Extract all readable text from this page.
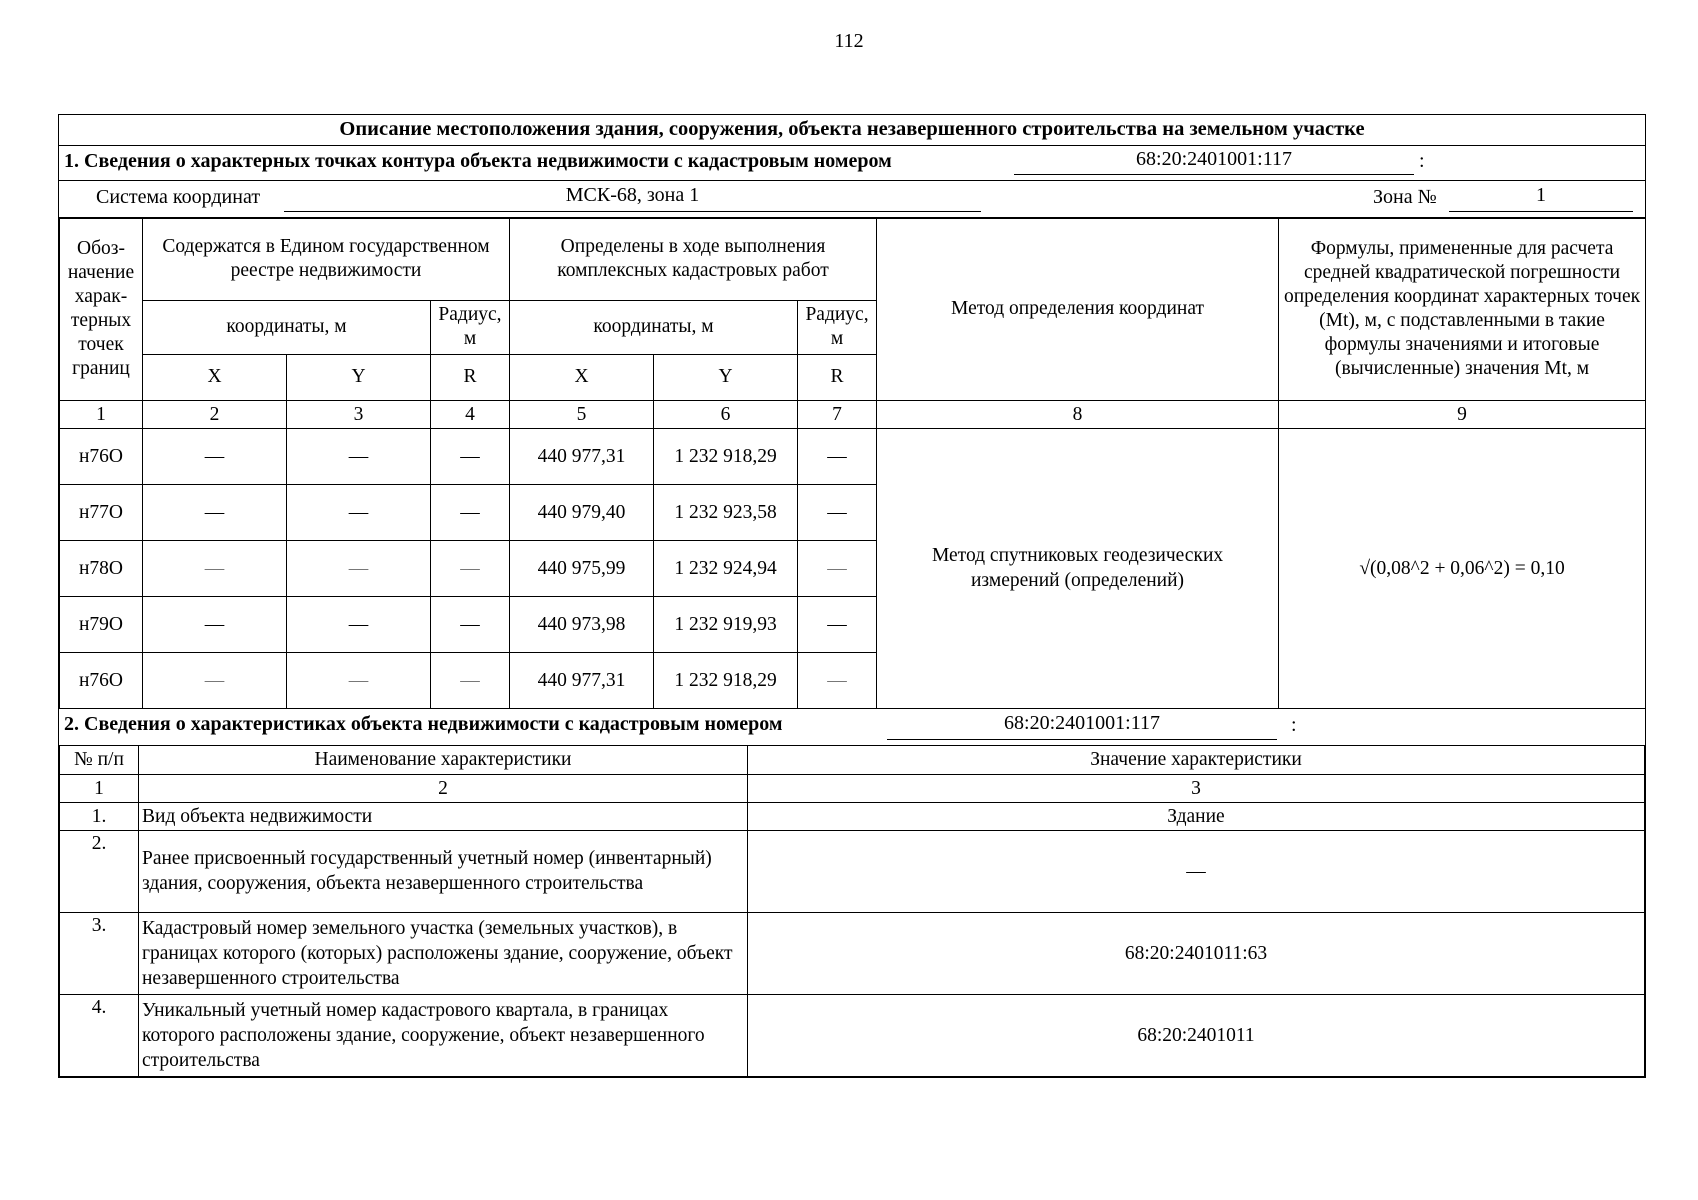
112
Описание местоположения здания, сооружения, объекта незавершенного строительства на земельном участке
1. Сведения о характерных точках контура объекта недвижимости с кадастровым номером	68:20:2401001:117	:
Система координат	МСК-68, зона 1	Зона №	1
Обоз-начение харак-терных точек границ	Содержатся в Едином государственном реестре недвижимости			Определены в ходе выполнения комплексных кадастровых работ			Метод определения координат	Формулы, примененные для расчета средней квадратической погрешности определения координат характерных точек (Mt), м, с подставленными в такие формулы значениями и итоговые (вычисленные) значения Mt, м
	координаты, м		Радиус, м	координаты, м		Радиус, м		
	X	Y	R	X	Y	R		
1	2	3	4	5	6	7	8	9
н76О	—	—	—	440 977,31	1 232 918,29	—	Метод спутниковых геодезических измерений (определений)	√(0,08^2 + 0,06^2) = 0,10
н77О	—	—	—	440 979,40	1 232 923,58	—		
н78О	—	—	—	440 975,99	1 232 924,94	—		
н79О	—	—	—	440 973,98	1 232 919,93	—		
н76О	—	—	—	440 977,31	1 232 918,29	—		
2. Сведения о характеристиках объекта недвижимости с кадастровым номером	68:20:2401001:117	:
№ п/п	Наименование характеристики	Значение характеристики
1	2	3
1.	Вид объекта недвижимости	Здание
2.	Ранее присвоенный государственный учетный номер (инвентарный) здания, сооружения, объекта незавершенного строительства	—
3.	Кадастровый номер земельного участка (земельных участков), в границах которого (которых) расположены здание, сооружение, объект незавершенного строительства	68:20:2401011:63
4.	Уникальный учетный номер кадастрового квартала, в границах которого расположены здание, сооружение, объект незавершенного строительства	68:20:2401011
